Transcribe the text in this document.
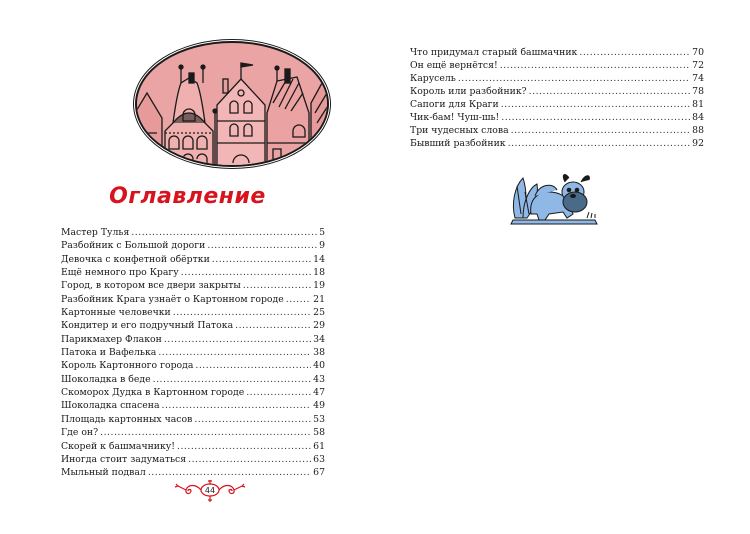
Оглавление
Мастер Тулья .....	5
Разбойник с Большой дороги .....	9
Девочка с конфетной обёртки .....	14
Ещё немного про Крагу .....	18
Город, в котором все двери закрыты .....	19
Разбойник Крага узнаёт о Картонном городе .....	21
Картонные человечки .....	25
Кондитер и его подручный Патока .....	29
Парикмахер Флакон .....	34
Патока и Вафелька .....	38
Король Картонного города .....	40
Шоколадка в беде .....	43
Скоморох Дудка в Картонном городе .....	47
Шоколадка спасена .....	49
Площадь картонных часов .....	53
Где он? .....	58
Скорей к башмачнику! .....	61
Иногда стоит задуматься .....	63
Мыльный подвал .....	67
44
Что придумал старый башмачник .....	70
Он ещё вернётся! .....	72
Карусель .....	74
Король или разбойник? .....	78
Сапоги для Краги .....	81
Чик-бам! Чуш-шь! .....	84
Три чудесных слова .....	88
Бывший разбойник .....	92
